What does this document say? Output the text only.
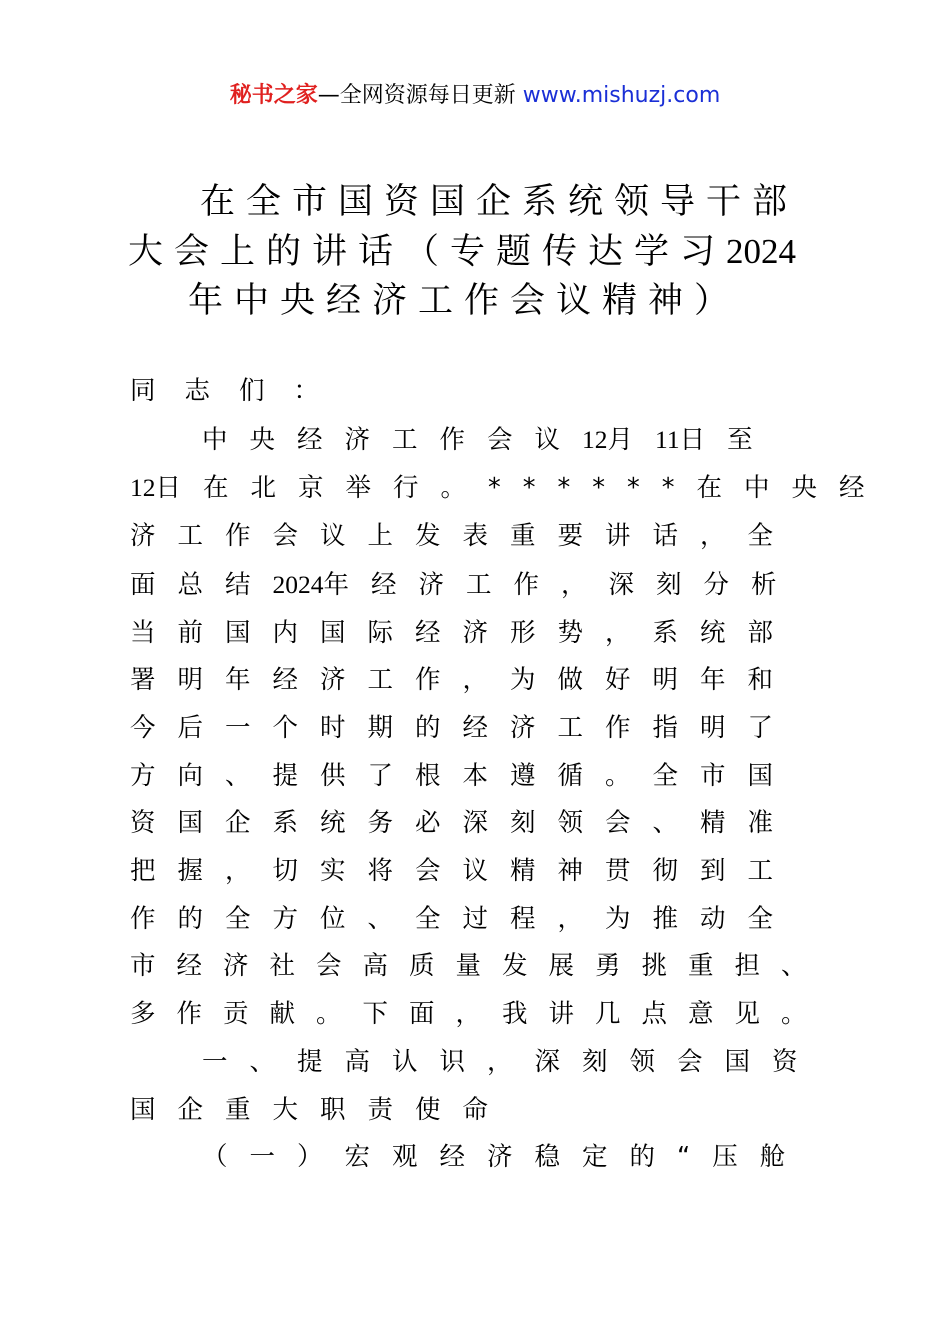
秘书之家—全网资源每日更新 www.mishuzj.com
在全市国资国企系统领导干部
大会上的讲话（专题传达学习2024
年中央经济工作会议精神）
同志们：
中央经济工作会议12月11日至
12日在北京举行。******在中央经
济工作会议上发表重要讲话，全
面总结2024年经济工作，深刻分析
当前国内国际经济形势，系统部
署明年经济工作，为做好明年和
今后一个时期的经济工作指明了
方向、提供了根本遵循。全市国
资国企系统务必深刻领会、精准
把握，切实将会议精神贯彻到工
作的全方位、全过程，为推动全
市经济社会高质量发展勇挑重担、
多作贡献。下面，我讲几点意见。
一、提高认识，深刻领会国资
国企重大职责使命
（一）宏观经济稳定的“压舱
